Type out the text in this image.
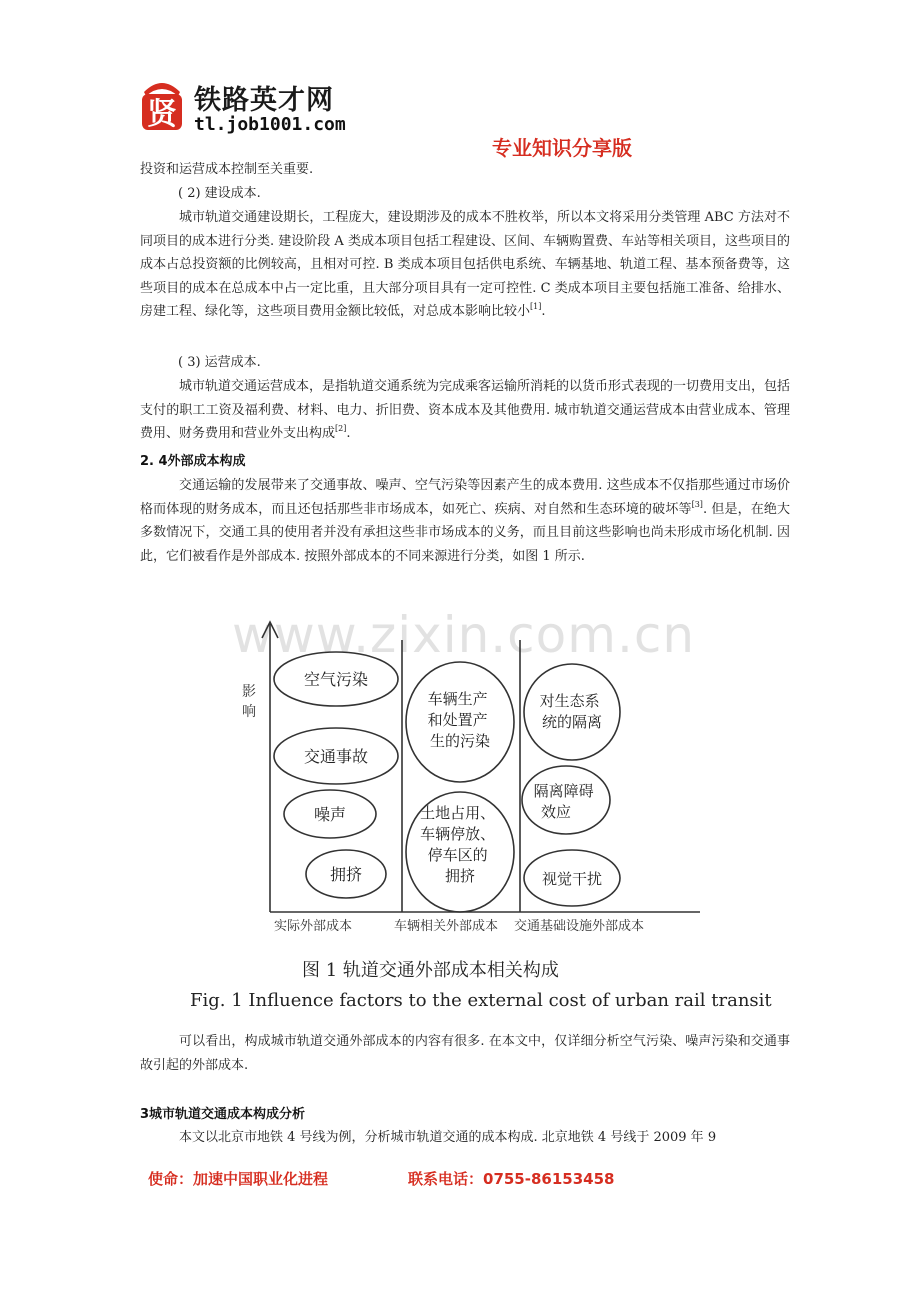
贤 铁路英才网
tl.job1001.com
专业知识分享版
投资和运营成本控制至关重要.
( 2) 建设成本.
城市轨道交通建设期长，工程庞大，建设期涉及的成本不胜枚举，所以本文将采用分类管理 ABC 方法对不同项目的成本进行分类. 建设阶段 A 类成本项目包括工程建设、区间、车辆购置费、车站等相关项目，这些项目的成本占总投资额的比例较高，且相对可控. B 类成本项目包括供电系统、车辆基地、轨道工程、基本预备费等，这些项目的成本在总成本中占一定比重，且大部分项目具有一定可控性. C 类成本项目主要包括施工准备、给排水、房建工程、绿化等，这些项目费用金额比较低，对总成本影响比较小[1].
( 3) 运营成本.
城市轨道交通运营成本，是指轨道交通系统为完成乘客运输所消耗的以货币形式表现的一切费用支出，包括支付的职工工资及福利费、材料、电力、折旧费、资本成本及其他费用. 城市轨道交通运营成本由营业成本、管理费用、财务费用和营业外支出构成[2].
2. 4外部成本构成
交通运输的发展带来了交通事故、噪声、空气污染等因素产生的成本费用. 这些成本不仅指那些通过市场价格而体现的财务成本，而且还包括那些非市场成本，如死亡、疾病、对自然和生态环境的破坏等[3]. 但是，在绝大多数情况下，交通工具的使用者并没有承担这些非市场成本的义务，而且目前这些影响也尚未形成市场化机制. 因此，它们被看作是外部成本. 按照外部成本的不同来源进行分类，如图 1 所示.
www.zixin.com.cn
影
响
空气污染
交通事故
噪声
拥挤
车辆生产 和处置产 生的污染
土地占用、 车辆停放、 停车区的 拥挤
对生态系 统的隔离
隔离障碍 效应
视觉干扰
实际外部成本	车辆相关外部成本 交通基础设施外部成本
图 1 轨道交通外部成本相关构成
Fig. 1 Influence factors to the external cost of urban rail transit
可以看出，构成城市轨道交通外部成本的内容有很多. 在本文中，仅详细分析空气污染、噪声污染和交通事故引起的外部成本.
3城市轨道交通成本构成分析
本文以北京市地铁 4 号线为例，分析城市轨道交通的成本构成. 北京地铁 4 号线于 2009 年 9
使命：加速中国职业化进程	联系电话：0755-86153458
